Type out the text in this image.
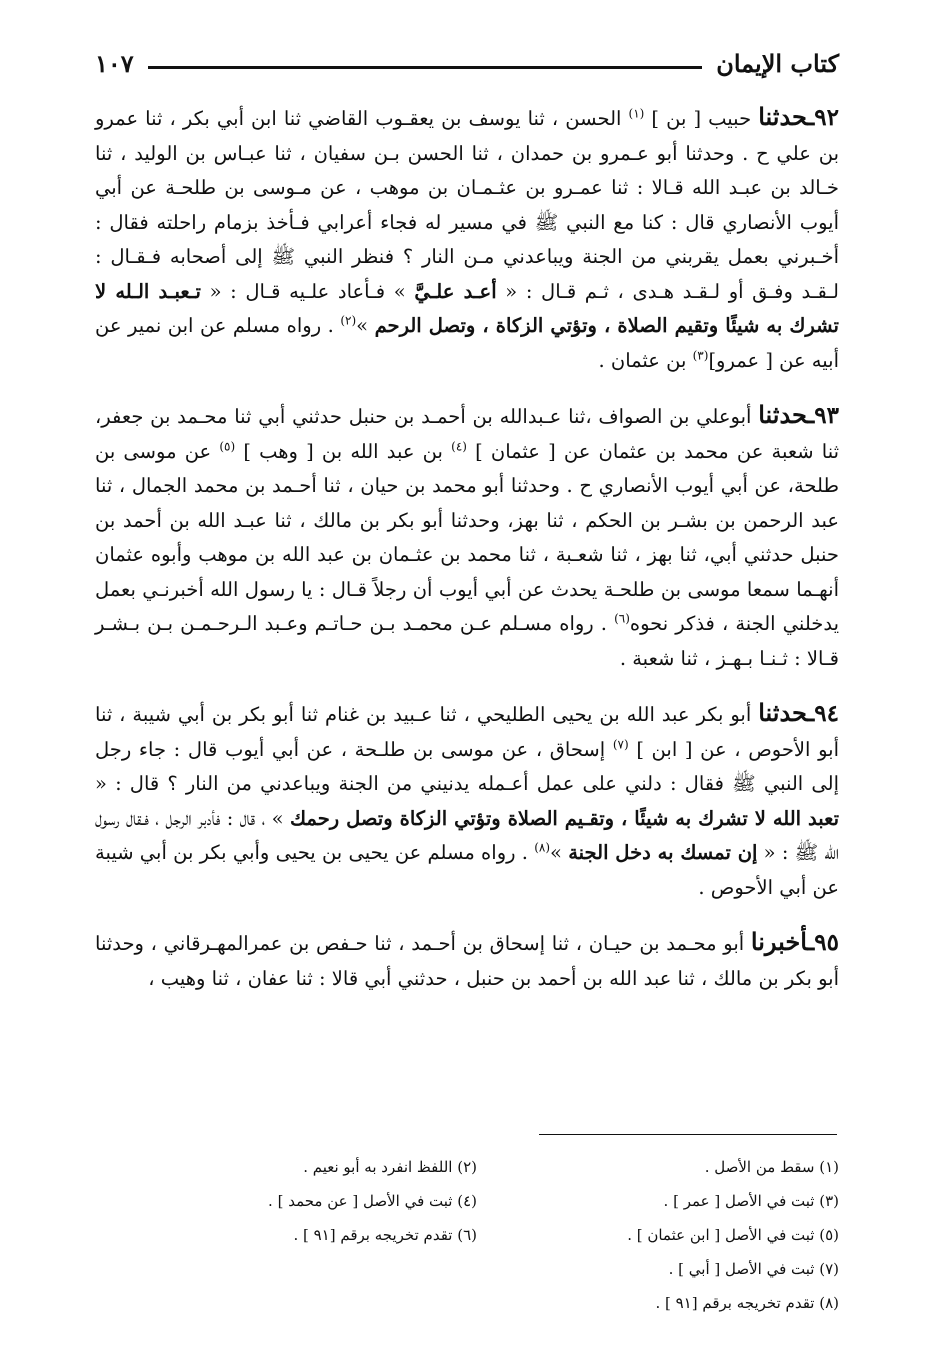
كتاب الإيمان
١٠٧

٩٢ـحدثنا حبيب [ بن ] $^{(١)}$ الحسن ، ثنا يوسف بن يعقـوب القاضي ثنا ابن أبي بكر ، ثنا عمرو بن علي ح . وحدثنا أبو عـمرو بن حمدان ، ثنا الحسن بـن سفيان ، ثنا عبـاس بن الوليد ، ثنا خـالد بن عبـد الله قـالا : ثنا عمـرو بن عثـمـان بن موهب ، عن مـوسى بن طلحـة عن أبي أيوب الأنصاري قال : كنا مع النبي ﷺ في مسير له فجاء أعرابي فـأخذ بزمام راحلته فقال : أخـبرني بعمل يقربني من الجنة ويباعدني مـن النار ؟ فنظر النبي ﷺ إلى أصحابه فـقـال : لـقـد وفـق أو لـقـد هـدى ، ثـم قـال : « أعـد علـيَّ » فـأعاد علـيه قـال : « تـعبـد الـله لا تشرك به شيئًا وتقيم الصلاة ، وتؤتي الزكاة ، وتصل الرحم »$^{(٢)}$ . رواه مسلم عن ابن نمير عن أبيه عن [ عمرو]$^{(٣)}$ بن عثمان .

٩٣ـحدثنا أبوعلي بن الصواف ،ثنا عـبدالله بن أحمـد بن حنبل حدثني أبي ثنا محـمد بن جعفر، ثنا شعبة عن محمد بن عثمان عن [ عثمان ] $^{(٤)}$ بن عبد الله بن [ وهب ] $^{(٥)}$ عن موسى بن طلحة، عن أبي أيوب الأنصاري ح . وحدثنا أبو محمد بن حيان ، ثنا أحـمد بن محمد الجمال ، ثنا عبد الرحمن بن بشـر بن الحكم ، ثنا بهز، وحدثنا أبو بكر بن مالك ، ثنا عبـد الله بن أحمد بن حنبل حدثني أبي، ثنا بهز ، ثنا شعـبة ، ثنا محمد بن عثـمان بن عبد الله بن موهب وأبوه عثمان أنهـما سمعا موسى بن طلحـة يحدث عن أبي أيوب أن رجلاً قـال : يا رسول الله أخبرنـي بعمل يدخلني الجنة ، فذكر نحوه$^{(٦)}$ . رواه مسـلم عـن محمـد بـن حـاتـم وعـبد الـرحـمـن بـن بـشـر قـالا : ثـنـا بـهـز ، ثنا شعبة .

٩٤ـحدثنا أبو بكر عبد الله بن يحيى الطليحي ، ثنا عـبيد بن غنام ثنا أبو بكر بن أبي شيبة ، ثنا أبو الأحوص ، عن [ ابن ] $^{(٧)}$ إسحاق ، عن موسى بن طلـحة ، عن أبي أيوب قال : جاء رجل إلى النبي ﷺ فقال : دلني على عمل أعـمله يدنيني من الجنة ويباعدني من النار ؟ قال : « تعبد الله لا تشرك به شيئًا ، وتقـيم الصلاة وتؤتي الزكاة وتصل رحمك » ، قال : فأدبر الرجل ، فـقال رسول الله ﷺ : « إن تمسك به دخل الجنة »$^{(٨)}$ . رواه مسلم عن يحيى بن يحيى وأبي بكر بن أبي شيبة عن أبي الأحوص .

٩٥ـأخبرنا أبو محـمد بن حيـان ، ثنا إسحاق بن أحـمد ، ثنا حـفص بن عمرالمهـرقاني ، وحدثنا أبو بكر بن مالك ، ثنا عبد الله بن أحمد بن حنبل ، حدثني أبي قالا : ثنا عفان ، ثنا وهيب ،

(١) سقط من الأصل .
(٢) اللفظ انفرد به أبو نعيم .
(٣) ثبت في الأصل [ عمر ] .
(٤) ثبت في الأصل [ عن محمد ] .
(٥) ثبت في الأصل [ ابن عثمان ] .
(٦) تقدم تخريجه برقم [٩١ ] .
(٧) ثبت في الأصل [ أبي ] .
(٨) تقدم تخريجه برقم [٩١ ] .
